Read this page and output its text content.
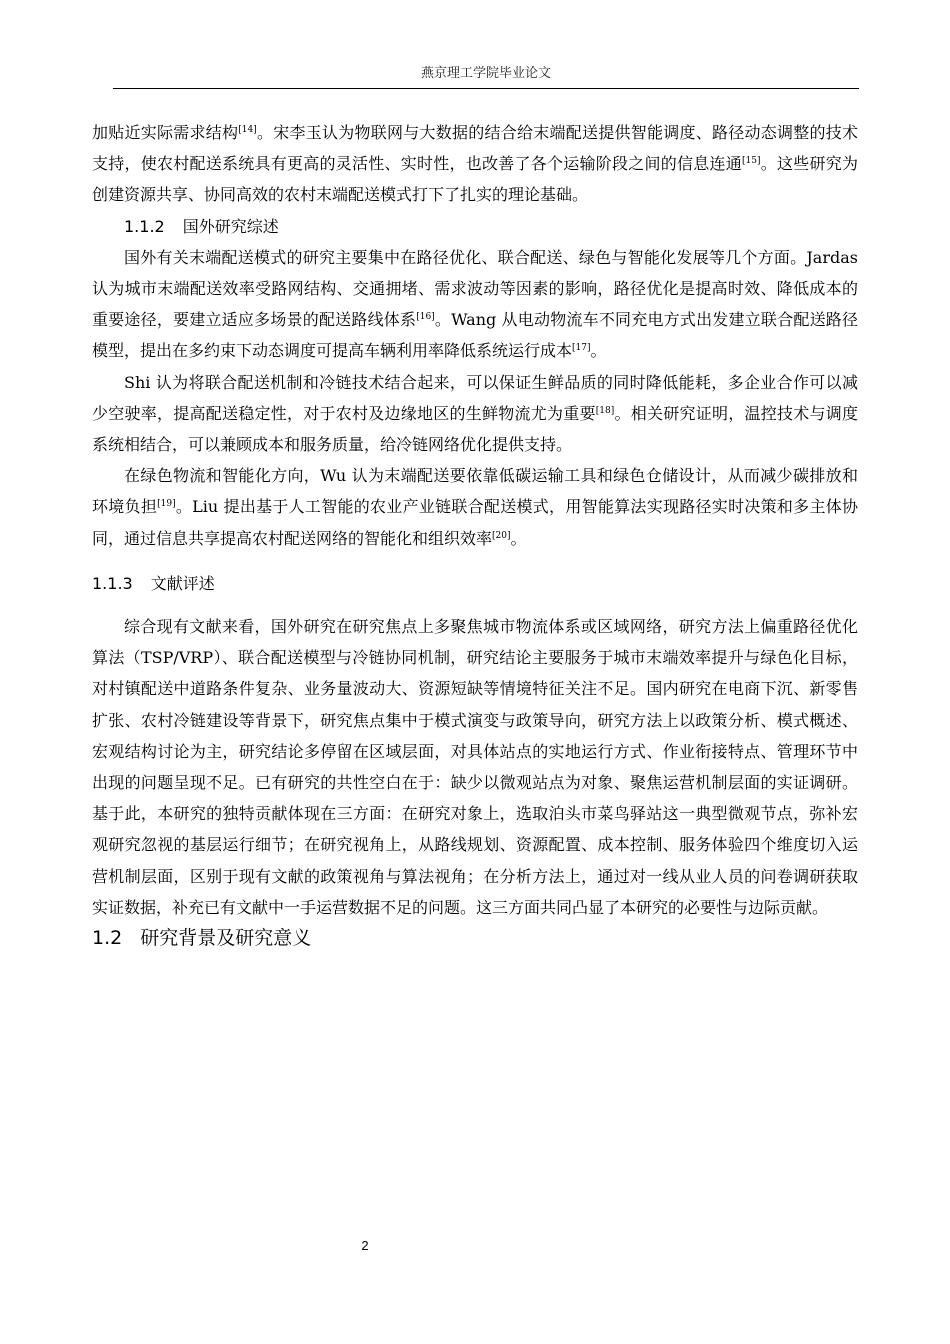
燕京理工学院毕业论文

加贴近实际需求结构[14]。宋李玉认为物联网与大数据的结合给末端配送提供智能调度、路径动态调整的技术支持，使农村配送系统具有更高的灵活性、实时性，也改善了各个运输阶段之间的信息连通[15]。这些研究为创建资源共享、协同高效的农村末端配送模式打下了扎实的理论基础。

1.1.2 国外研究综述

国外有关末端配送模式的研究主要集中在路径优化、联合配送、绿色与智能化发展等几个方面。Jardas 认为城市末端配送效率受路网结构、交通拥堵、需求波动等因素的影响，路径优化是提高时效、降低成本的重要途径，要建立适应多场景的配送路线体系[16]。Wang 从电动物流车不同充电方式出发建立联合配送路径模型，提出在多约束下动态调度可提高车辆利用率降低系统运行成本[17]。

Shi 认为将联合配送机制和冷链技术结合起来，可以保证生鲜品质的同时降低能耗，多企业合作可以减少空驶率，提高配送稳定性，对于农村及边缘地区的生鲜物流尤为重要[18]。相关研究证明，温控技术与调度系统相结合，可以兼顾成本和服务质量，给冷链网络优化提供支持。

在绿色物流和智能化方向，Wu 认为末端配送要依靠低碳运输工具和绿色仓储设计，从而减少碳排放和环境负担[19]。Liu 提出基于人工智能的农业产业链联合配送模式，用智能算法实现路径实时决策和多主体协同，通过信息共享提高农村配送网络的智能化和组织效率[20]。

1.1.3 文献评述

综合现有文献来看，国外研究在研究焦点上多聚焦城市物流体系或区域网络，研究方法上偏重路径优化算法（TSP/VRP）、联合配送模型与冷链协同机制，研究结论主要服务于城市末端效率提升与绿色化目标，对村镇配送中道路条件复杂、业务量波动大、资源短缺等情境特征关注不足。国内研究在电商下沉、新零售扩张、农村冷链建设等背景下，研究焦点集中于模式演变与政策导向，研究方法上以政策分析、模式概述、宏观结构讨论为主，研究结论多停留在区域层面，对具体站点的实地运行方式、作业衔接特点、管理环节中出现的问题呈现不足。已有研究的共性空白在于：缺少以微观站点为对象、聚焦运营机制层面的实证调研。基于此，本研究的独特贡献体现在三方面：在研究对象上，选取泊头市菜鸟驿站这一典型微观节点，弥补宏观研究忽视的基层运行细节；在研究视角上，从路线规划、资源配置、成本控制、服务体验四个维度切入运营机制层面，区别于现有文献的政策视角与算法视角；在分析方法上，通过对一线从业人员的问卷调研获取实证数据，补充已有文献中一手运营数据不足的问题。这三方面共同凸显了本研究的必要性与边际贡献。

1.2 研究背景及研究意义

2
